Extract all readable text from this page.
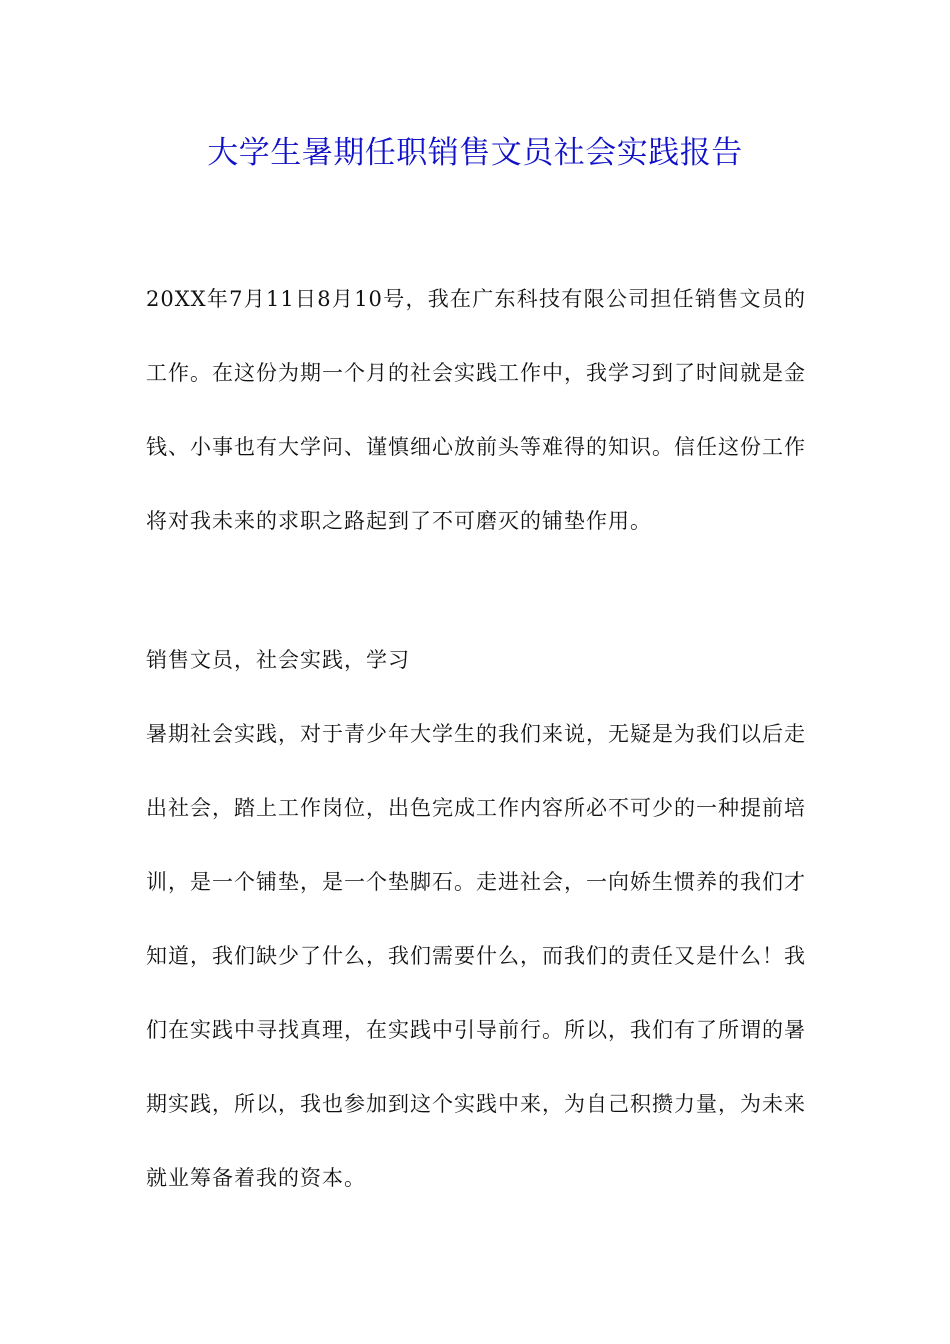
大学生暑期任职销售文员社会实践报告

20XX年7月11日8月10号，我在广东科技有限公司担任销售文员的工作。在这份为期一个月的社会实践工作中，我学习到了时间就是金钱、小事也有大学问、谨慎细心放前头等难得的知识。信任这份工作将对我未来的求职之路起到了不可磨灭的铺垫作用。

销售文员，社会实践，学习

暑期社会实践，对于青少年大学生的我们来说，无疑是为我们以后走出社会，踏上工作岗位，出色完成工作内容所必不可少的一种提前培训，是一个铺垫，是一个垫脚石。走进社会，一向娇生惯养的我们才知道，我们缺少了什么，我们需要什么，而我们的责任又是什么！我们在实践中寻找真理，在实践中引导前行。所以，我们有了所谓的暑期实践，所以，我也参加到这个实践中来，为自己积攒力量，为未来就业筹备着我的资本。
